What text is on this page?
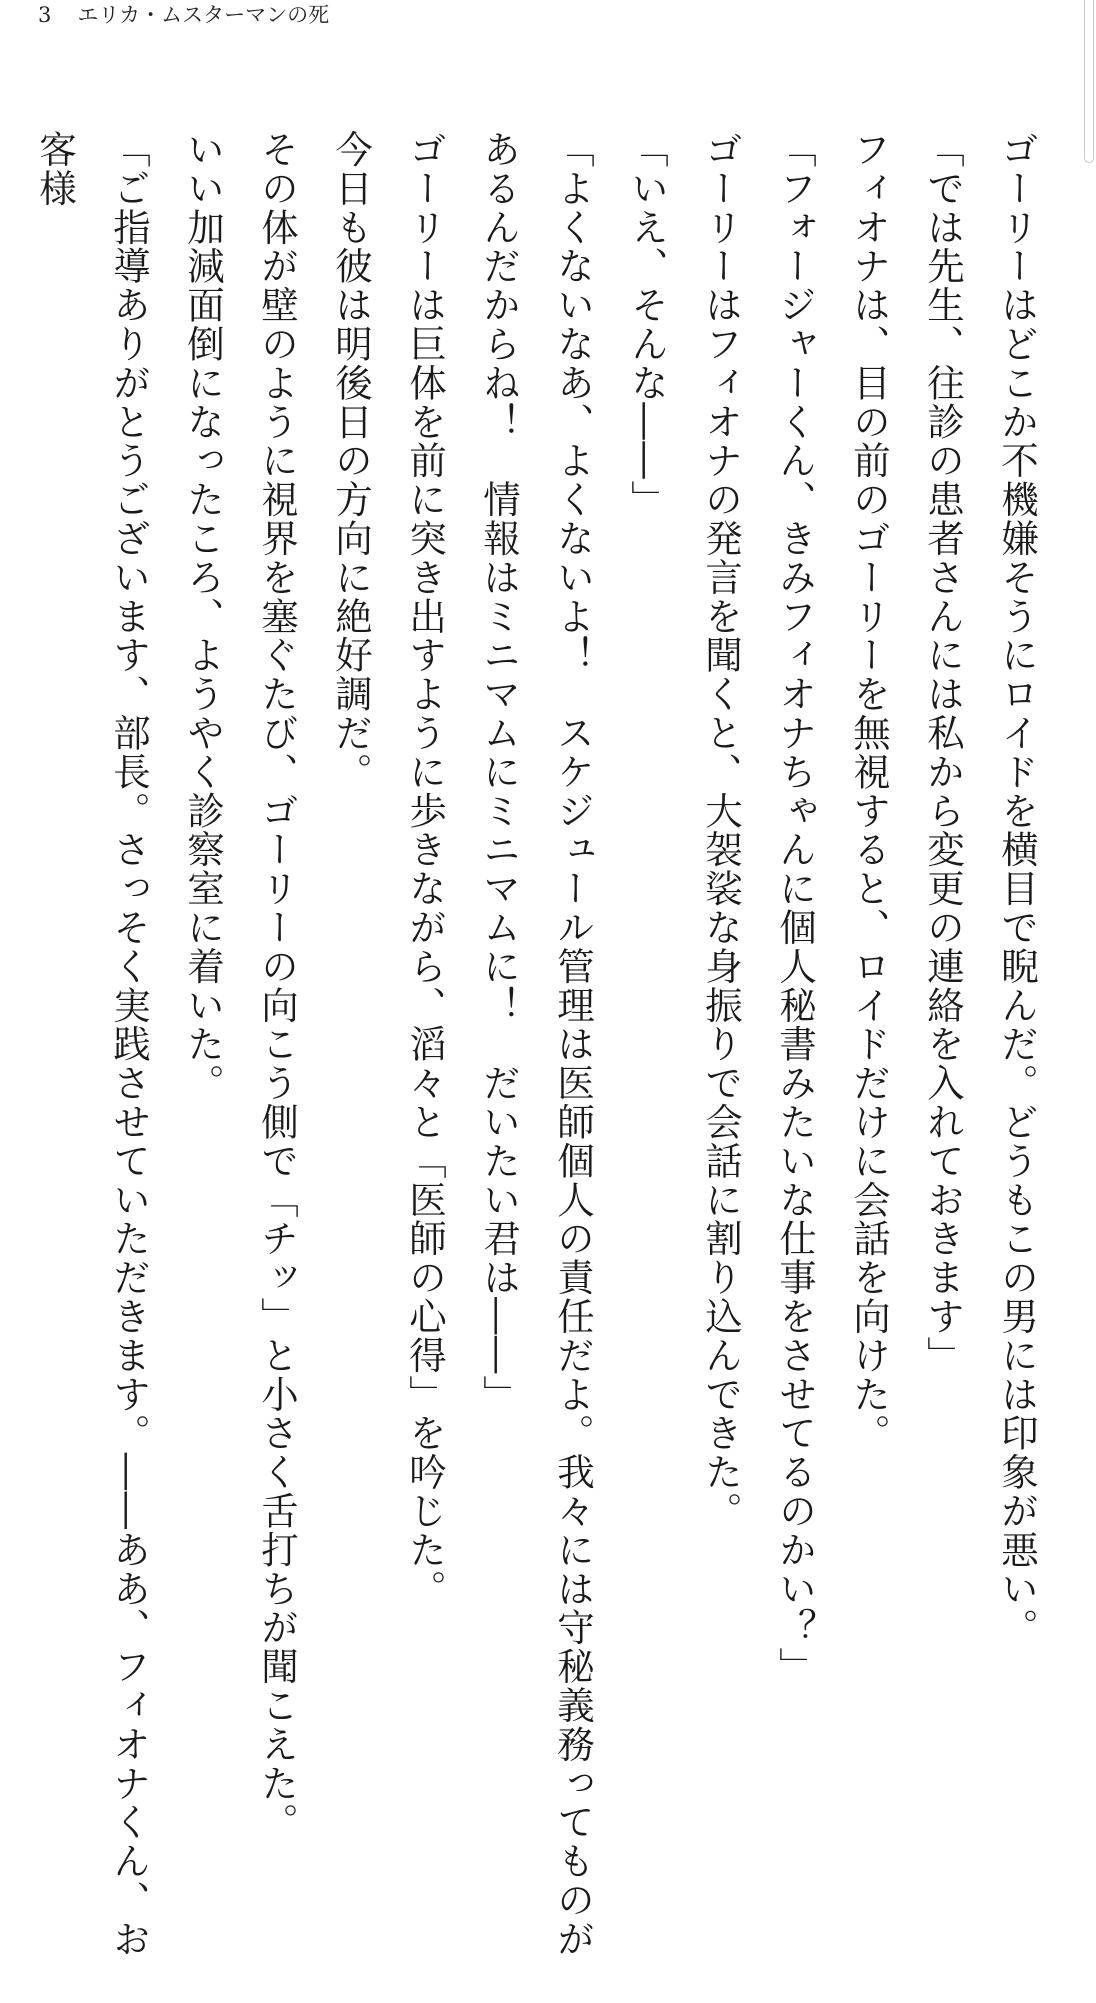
3 エリカ・ムスターマンの死

ゴーリーはどこか不機嫌そうにロイドを横目で睨んだ。どうもこの男には印象が悪い。

「では先生、往診の患者さんには私から変更の連絡を入れておきます」

フィオナは、目の前のゴーリーを無視すると、ロイドだけに会話を向けた。

「フォージャーくん、きみフィオナちゃんに個人秘書みたいな仕事をさせてるのかい？」

ゴーリーはフィオナの発言を聞くと、大袈裟な身振りで会話に割り込んできた。

「いえ、そんな――」

「よくないなあ、よくないよ！　スケジュール管理は医師個人の責任だよ。我々には守秘義務ってものがあるんだからね！　情報はミニマムにミニマムに！　だいたい君は――」

ゴーリーは巨体を前に突き出すように歩きながら、滔々と「医師の心得」を吟じた。

今日も彼は明後日の方向に絶好調だ。

その体が壁のように視界を塞ぐたび、ゴーリーの向こう側で「チッ」と小さく舌打ちが聞こえた。

いい加減面倒になったころ、ようやく診察室に着いた。

「ご指導ありがとうございます、部長。さっそく実践させていただきます。――ああ、フィオナくん、お客様
